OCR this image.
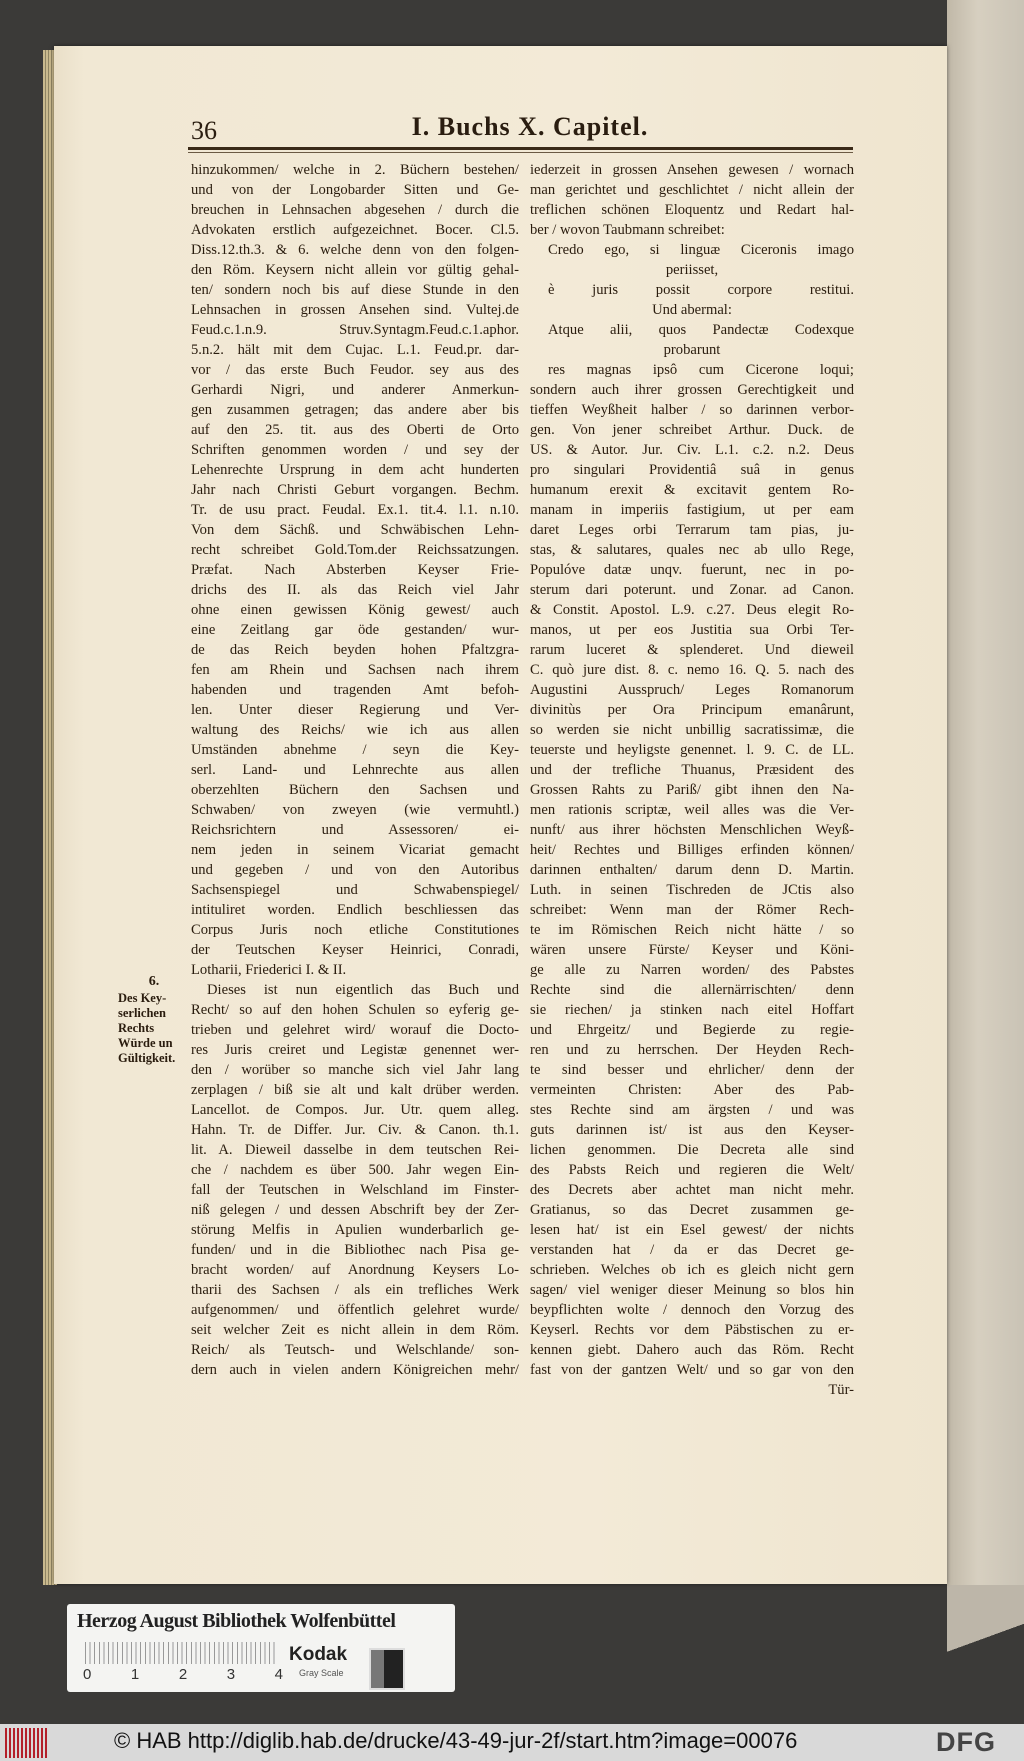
36	I. Buchs X. Capitel.
hinzukommen/ welche in 2. Büchern bestehen/
und von der Longobarder Sitten und Ge-
breuchen in Lehnsachen abgesehen / durch die
Advokaten erstlich aufgezeichnet. Bocer. Cl.5.
Diss.12.th.3. & 6. welche denn von den folgen-
den Röm. Keysern nicht allein vor gültig gehal-
ten/ sondern noch bis auf diese Stunde in den
Lehnsachen in grossen Ansehen sind. Vultej.de
Feud.c.1.n.9. Struv.Syntagm.Feud.c.1.aphor.
5.n.2. hält mit dem Cujac. L.1. Feud.pr. dar-
vor / das erste Buch Feudor. sey aus des
Gerhardi Nigri, und anderer Anmerkun-
gen zusammen getragen; das andere aber bis
auf den 25. tit. aus des Oberti de Orto
Schriften genommen worden / und sey der
Lehenrechte Ursprung in dem acht hunderten
Jahr nach Christi Geburt vorgangen. Bechm.
Tr. de usu pract. Feudal. Ex.1. tit.4. l.1. n.10.
Von dem Sächß. und Schwäbischen Lehn-
recht schreibet Gold.Tom.der Reichssatzungen.
Præfat. Nach Absterben Keyser Frie-
drichs des II. als das Reich viel Jahr
ohne einen gewissen König gewest/ auch
eine Zeitlang gar öde gestanden/ wur-
de das Reich beyden hohen Pfaltzgra-
fen am Rhein und Sachsen nach ihrem
habenden und tragenden Amt befoh-
len. Unter dieser Regierung und Ver-
waltung des Reichs/ wie ich aus allen
Umständen abnehme / seyn die Key-
serl. Land- und Lehnrechte aus allen
oberzehlten Büchern den Sachsen und
Schwaben/ von zweyen (wie vermuhtl.)
Reichsrichtern und Assessoren/ ei-
nem jeden in seinem Vicariat gemacht
und gegeben / und von den Autoribus
Sachsenspiegel und Schwabenspiegel/
intituliret worden. Endlich beschliessen das
Corpus Juris noch etliche Constitutiones
der Teutschen Keyser Heinrici, Conradi,
Lotharii, Friederici I. & II.
Dieses ist nun eigentlich das Buch und
Recht/ so auf den hohen Schulen so eyferig ge-
trieben und gelehret wird/ worauf die Docto-
res Juris creiret und Legistæ genennet wer-
den / worüber so manche sich viel Jahr lang
zerplagen / biß sie alt und kalt drüber werden.
Lancellot. de Compos. Jur. Utr. quem alleg.
Hahn. Tr. de Differ. Jur. Civ. & Canon. th.1.
lit. A. Dieweil dasselbe in dem teutschen Rei-
che / nachdem es über 500. Jahr wegen Ein-
fall der Teutschen in Welschland im Finster-
niß gelegen / und dessen Abschrift bey der Zer-
störung Melfis in Apulien wunderbarlich ge-
funden/ und in die Bibliothec nach Pisa ge-
bracht worden/ auf Anordnung Keysers Lo-
tharii des Sachsen / als ein trefliches Werk
aufgenommen/ und öffentlich gelehret wurde/
seit welcher Zeit es nicht allein in dem Röm.
Reich/ als Teutsch- und Welschlande/ son-
dern auch in vielen andern Königreichen mehr/
iederzeit in grossen Ansehen gewesen / wornach
man gerichtet und geschlichtet / nicht allein der
treflichen schönen Eloquentz und Redart hal-
ber / wovon Taubmann schreibet:
Credo ego, si linguæ Ciceronis imago
periisset,
è juris possit corpore restitui.
Und abermal:
Atque alii, quos Pandectæ Codexque
probarunt
res magnas ipsô cum Cicerone loqui;
sondern auch ihrer grossen Gerechtigkeit und
tieffen Weyßheit halber / so darinnen verbor-
gen. Von jener schreibet Arthur. Duck. de
US. & Autor. Jur. Civ. L.1. c.2. n.2. Deus
pro singulari Providentiâ suâ in genus
humanum erexit & excitavit gentem Ro-
manam in imperiis fastigium, ut per eam
daret Leges orbi Terrarum tam pias, ju-
stas, & salutares, quales nec ab ullo Rege,
Populóve datæ unqv. fuerunt, nec in po-
sterum dari poterunt. und Zonar. ad Canon.
& Constit. Apostol. L.9. c.27. Deus elegit Ro-
manos, ut per eos Justitia sua Orbi Ter-
rarum luceret & splenderet. Und dieweil
C. quò jure dist. 8. c. nemo 16. Q. 5. nach des
Augustini Ausspruch/ Leges Romanorum
divinitùs per Ora Principum emanârunt,
so werden sie nicht unbillig sacratissimæ, die
teuerste und heyligste genennet. l. 9. C. de LL.
und der trefliche Thuanus, Præsident des
Grossen Rahts zu Pariß/ gibt ihnen den Na-
men rationis scriptæ, weil alles was die Ver-
nunft/ aus ihrer höchsten Menschlichen Weyß-
heit/ Rechtes und Billiges erfinden können/
darinnen enthalten/ darum denn D. Martin.
Luth. in seinen Tischreden de JCtis also
schreibet: Wenn man der Römer Rech-
te im Römischen Reich nicht hätte / so
wären unsere Fürste/ Keyser und Köni-
ge alle zu Narren worden/ des Pabstes
Rechte sind die allernärrischten/ denn
sie riechen/ ja stinken nach eitel Hoffart
und Ehrgeitz/ und Begierde zu regie-
ren und zu herrschen. Der Heyden Rech-
te sind besser und ehrlicher/ denn der
vermeinten Christen: Aber des Pab-
stes Rechte sind am ärgsten / und was
guts darinnen ist/ ist aus den Keyser-
lichen genommen. Die Decreta alle sind
des Pabsts Reich und regieren die Welt/
des Decrets aber achtet man nicht mehr.
Gratianus, so das Decret zusammen ge-
lesen hat/ ist ein Esel gewest/ der nichts
verstanden hat / da er das Decret ge-
schrieben. Welches ob ich es gleich nicht gern
sagen/ viel weniger dieser Meinung so blos hin
beypflichten wolte / dennoch den Vorzug des
Keyserl. Rechts vor dem Päbstischen zu er-
kennen giebt. Dahero auch das Röm. Recht
fast von der gantzen Welt/ und so gar von den
Tür-
6.
Des Key-
serlichen
Rechts
Würde un
Gültigkeit.
Herzog August Bibliothek Wolfenbüttel
0	1	2	3	4
Kodak
Gray Scale
© HAB http://diglib.hab.de/drucke/43-49-jur-2f/start.htm?image=00076	DFG
